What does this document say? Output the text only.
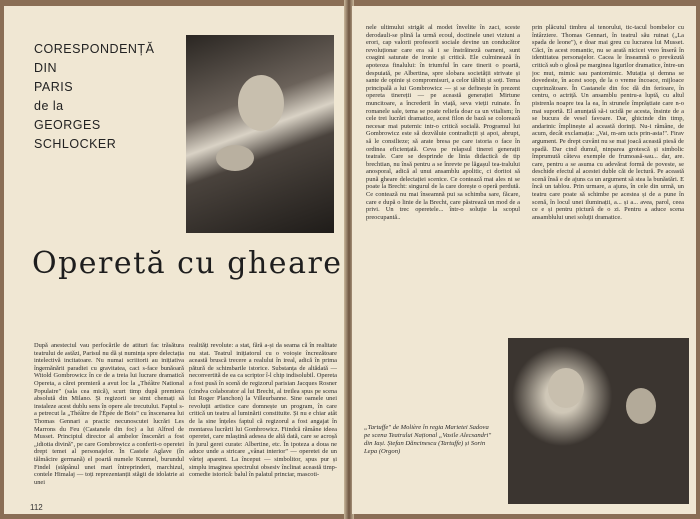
CORESPONDENȚĂ
DIN
PARIS
de la
GEORGES SCHLOCKER
Operetă cu gheare
După anesteciul vau perfocările de atituri fac trăsătura teatrului de astăzi, Parisul nu dă și numința spre delectația intelectivă incitatoare. Nu numai scriitorii au inițiativa îngemănării paradiei cu gravitatea, caci s-face bunăoară Witold Gombrowicz în ce de a treia lui lucrare dramatică Opereta, a cărei premieră a avut loc la „Théâtre National Populaire" (sala cea mică), scurt timp după premiera absolută din Milano. Și regizorii se simt chemați să instaleze acest dublu sens în opere ale trecutului. Faptul s-a petrecut la „Théâtre de l'Épée de Bois" cu înscenarea lui Thomas Gennari a practic necunoscutei lucrări Les Marrons du Feu (Castanele din foc) a lui Alfred de Musset. Principiul director al ambelor înscenări a fost „idiotia divină", pe care Gombrowicz a conferit-o operetei drept temei al personajelor. În Castele Aglave (în tălmăcire germană) el poartă numele Kunmel, burundul Findel (stăpânul unei mari întreprinderi, marchizul, contele Himalaj — toți reprezentanții stăgii de idolatrie ai unei
realități revolute: a stat, fără a-și da seama că în realitate nu stat. Teatrul inițiatorul cu o voioșie încrezătoare această bruscă trecere a realului în ireal, adică în prima pătură de schimbarile istorice. Substanța de altădată — neconvertită de ea ca scriptor î-l chip indisolubil. Opereta a fost pusă în scenă de regizorul parisian Jacques Rosner (cindva colaborator al lui Brecht, al treilea spus pe scena lui Roger Planchon) la Villeurbanne. Sine oamele unei revoluții artistice care domnește un program, în care critică un teatru al luminării constituite. Și nu e chiar atât de la sine înțeles faptul că regizorul a fost angajat în montarea lucrării lui Gombrowicz. Fiindcă rămâne ideea operetei, care mlaștină adesea de altă dată, care se acroșă în jurul gerei curate: Albertine, etc. În ipoteza a doua ne aduce unde a stricare „vânat interior" — operetei de un vârtej aparent. La început — simbolitor, spus pur și simplu imaginea spectrului obsesiv înclinat această timp-comedie istorică: balul în palatul princiar, mascoti-
112
nele ultimului strigăt al modei învelite în zaci, sceste derodauli-se plină la urmă ecoul, doctinele unei viziuni a erori, cap valorii profesorii sociale devine un conducător revoluționar care era să i se înstrăineză oameni, sunt coagini saturate de ironie și critică. Ele culminează în apoteoza finalului: în triumful în care tinerii o poartă, despuiată, pe Albertina, spre slobara societății strivate și sante de opinie și compromisuri, a celor tăbliti și soți. Tema principală a lui Gombrowicz — și se definește în prezent opereta tinereții — pe această generației Mirtune muncitoare, a încrederii în viață, seva vieții ruinate. În romanele sale, tema se poate reliefa doar ca un vitalism; în cele trei lucrări dramatice, acest filon de bază se colorează necesar mai puternic intr-o critică socială. Programul lui Gombrowicz este să dezvăluie contradicții și apoi, abrupt, să le consilieze; să arate bresa pe care istoria o face în ordinea eficiențată. Ceva pe relapsul tinerei generații teatrale. Care se desprinde de linia didactică de tip brechtian, nu însă pentru a se înrevte pe lăgașul tea-tralului anosporal, adică al unui ansamblu apolitic, ci doritoi să pună gheare delectației scenice. Ce contează mai ales ni se poate la Brecht: singurul de la care dorește o operă perdută. Ce contează nu mai înseamnă pui sa schimba sare, făcare, care e după o linie de la Brecht, care păstrează un mod de a privi. Un trec operetele... într-o soluție la scopul preocupantă..
prin plăcutul timbru al tenorului, tic-tacul bombelor cu întârziere. Thomas Gennari, în teatrul său ruinat („La spada de leone"), e doar mai greu cu lucrarea lui Musset. Căci, în acest romantic, nu se arată nicicei vreo înserâ în identitatea personajelor. Cacea le înseamnă o prevăzută critică sub o glosă pe marginea ligurilor dramatice, între-un joc mut, mimic sau pantomimic. Mutația și demna se dovedeste, în acest soop, de la o vreme încoace, mijloace cuprinzătoare. În Castanele din foc dă din ferioare, în centru, o actriță. Un ansamblu pentru-a luptă, cu altul pistrenla noapre tea la ea, în strunele împrăștiate care n-o mai suportă. El anunțată să-i ucidă pe acesta, însinte de a se bucura de vesel favoare. Dar, ghicinde din timp, andarinic împlinește al această dorinți. Nu-i rămâne, de acum, decât exclamația: „Vai, m-am ucis prin-asta!". Firav argument. Pe drept cuvânt nu se mai joacă această piesă de spadă. Dar cind dumul, ninparea grotescă și simbolic împrumută câteva exemple de frumoasă-sau... dar, are. care, pentru a se asuma cu adevărat formă de poveste, se deschide efectul al acestei duble căi de lectură. Pe această scenă însă e de ajuns ca un argument să stea la bunăstări. E încă un tablou. Prin urmare, a ajuns, în cele din urmă, un teatru care poate să schimbe pe acestea și de a pune în scenă, în locul unei iluminații, a... și a... avea, parol, ceea ce e și pentru pictură de o zi. Pentru a aduce scena ansamblului unei soluții dramatice.
„Tartuffe" de Molière în regia Marietei Sadova pe scena Teatrului Național „Vasile Alecsandri" din Iași. Ștefan Dăncinescu (Tartuffe) și Sorin Lepa (Orgon)
